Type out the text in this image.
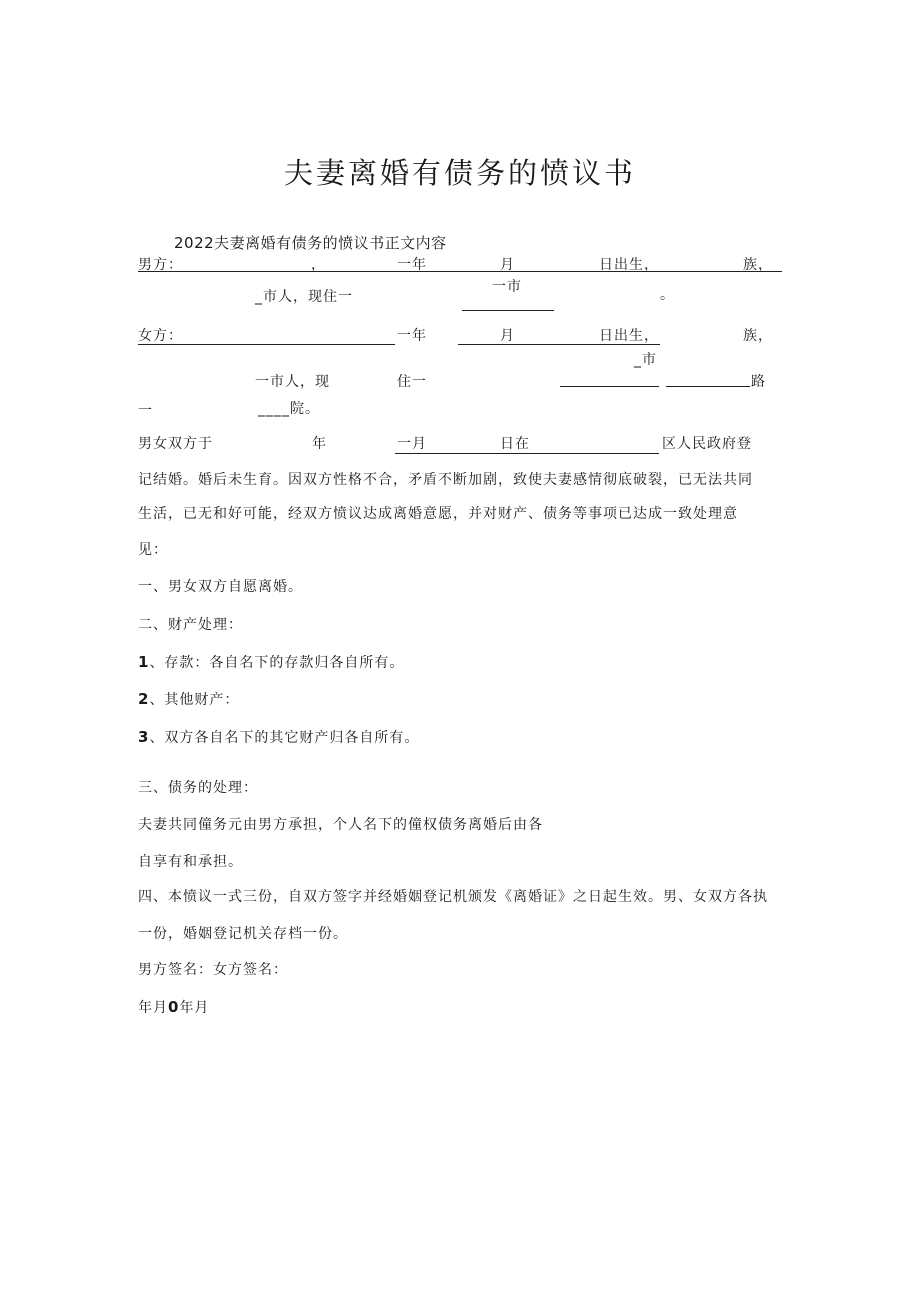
夫妻离婚有债务的愤议书
2022夫妻离婚有债务的愤议书正文内容
男方：	，	一年	月	日出生，	族，
_市人，现住一
一市	。
女方：	一年	月	日出生，	族，
_市
一市人，现	住一	路
一	____院。
男女双方于	年	一月	日在	区人民政府登
记结婚。婚后未生育。因双方性格不合，矛盾不断加剧，致使夫妻感情彻底破裂，已无法共同
生活，已无和好可能，经双方愤议达成离婚意愿，并对财产、债务等事项已达成一致处理意
见：
一、男女双方自愿离婚。
二、财产处理：
1、存款：各自名下的存款归各自所有。
2、其他财产：
3、双方各自名下的其它财产归各自所有。
三、债务的处理：
夫妻共同僮务元由男方承担，个人名下的僮权债务离婚后由各
自享有和承担。
四、本愤议一式三份，自双方签字并经婚姻登记机颁发《离婚证》之日起生效。男、女双方各执
一份，婚姻登记机关存档一份。
男方签名：女方签名：
年月0年月
